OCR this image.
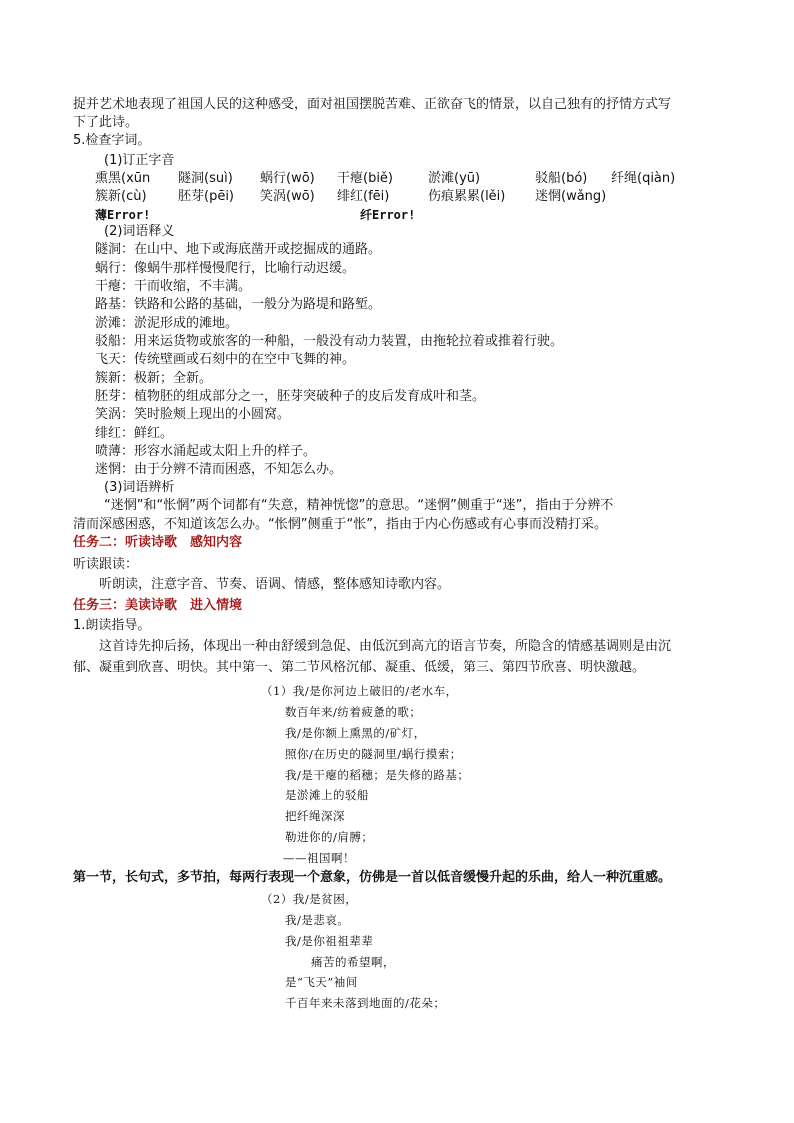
捉并艺术地表现了祖国人民的这种感受，面对祖国摆脱苦难、正欲奋飞的情景，以自己独有的抒情方式写
下了此诗。
5.检查字词。
(1)订正字音
熏黑(xūn 隧洞(suì) 蜗行(wō) 干瘪(biě)	淤滩(yū)	驳船(bó) 纤绳(qiàn)
簇新(cù) 胚芽(pēi) 笑涡(wō) 绯红(fēi)	伤痕累累(lěi) 迷惘(wǎng)
薄Error!	纤Error!
(2)词语释义
隧洞：在山中、地下或海底凿开或挖掘成的通路。
蜗行：像蜗牛那样慢慢爬行，比喻行动迟缓。
干瘪：干而收缩，不丰满。
路基：铁路和公路的基础，一般分为路堤和路堑。
淤滩：淤泥形成的滩地。
驳船：用来运货物或旅客的一种船，一般没有动力装置，由拖轮拉着或推着行驶。
飞天：传统壁画或石刻中的在空中飞舞的神。
簇新：极新；全新。
胚芽：植物胚的组成部分之一，胚芽突破种子的皮后发育成叶和茎。
笑涡：笑时脸颊上现出的小圆窝。
绯红：鲜红。
喷薄：形容水涌起或太阳上升的样子。
迷惘：由于分辨不清而困惑，不知怎么办。
(3)词语辨析
“迷惘”和“怅惘”两个词都有“失意，精神恍惚”的意思。“迷惘”侧重于“迷”，指由于分辨不
清而深感困惑，不知道该怎么办。“怅惘”侧重于“怅”，指由于内心伤感或有心事而没精打采。
任务二：听读诗歌　感知内容
听读跟读：
听朗读，注意字音、节奏、语调、情感，整体感知诗歌内容。
任务三：美读诗歌　进入情境
1.朗读指导。
这首诗先抑后扬，体现出一种由舒缓到急促、由低沉到高亢的语言节奏，所隐含的情感基调则是由沉
郁、凝重到欣喜、明快。其中第一、第二节风格沉郁、凝重、低缓，第三、第四节欣喜、明快激越。
（1）我/是你河边上破旧的/老水车，
数百年来/纺着疲惫的歌；
我/是你额上熏黑的/矿灯，
照你/在历史的隧洞里/蜗行摸索；
我/是干瘪的稻穗；是失修的路基；
是淤滩上的驳船
把纤绳深深
勒进你的/肩膊；
——祖国啊！
第一节，长句式，多节拍，每两行表现一个意象，仿佛是一首以低音缓慢升起的乐曲，给人一种沉重感。
（2）我/是贫困，
我/是悲哀。
我/是你祖祖辈辈
痛苦的希望啊，
是“飞天”袖间
千百年来未落到地面的/花朵；
